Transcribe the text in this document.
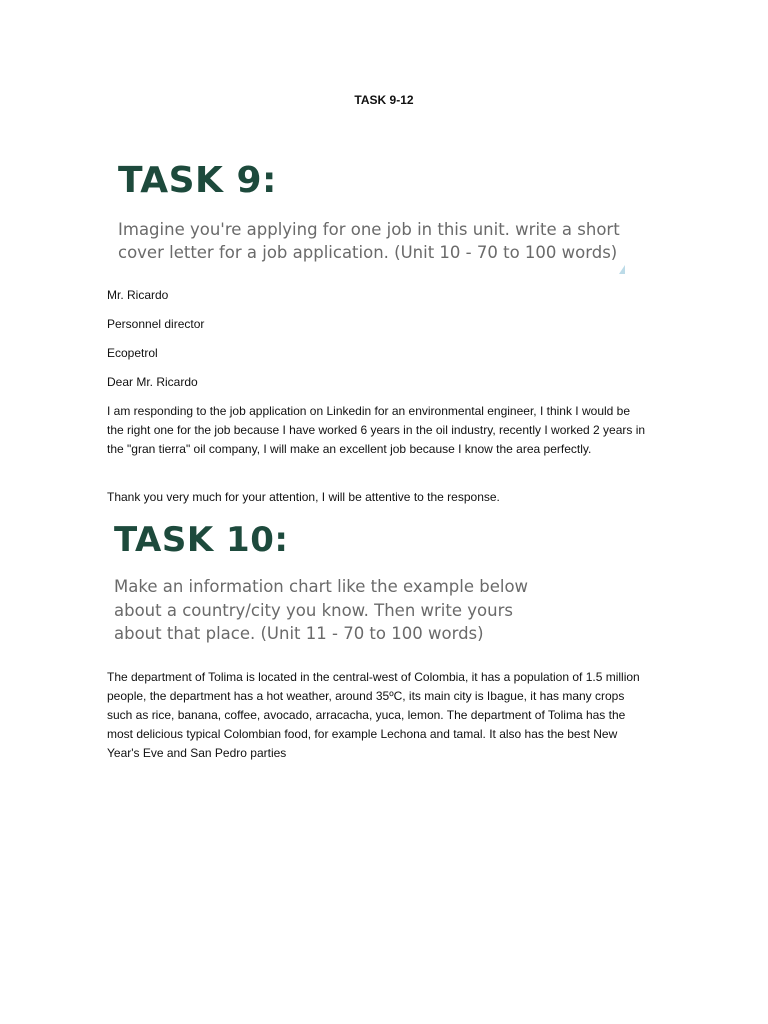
TASK 9-12
TASK 9:
Imagine you're applying for one job in this unit. write a short
cover letter for a job application. (Unit 10 - 70 to 100 words)

Mr. Ricardo

Personnel director

Ecopetrol

Dear Mr. Ricardo

I am responding to the job application on Linkedin for an environmental engineer, I think I would be the right one for the job because I have worked 6 years in the oil industry, recently I worked 2 years in the "gran tierra" oil company, I will make an excellent job because I know the area perfectly.

Thank you very much for your attention, I will be attentive to the response.

TASK 10:
Make an information chart like the example below
about a country/city you know. Then write yours
about that place. (Unit 11 - 70 to 100 words)

The department of Tolima is located in the central-west of Colombia, it has a population of 1.5 million people, the department has a hot weather, around 35ºC, its main city is Ibague, it has many crops such as rice, banana, coffee, avocado, arracacha, yuca, lemon. The department of Tolima has the most delicious typical Colombian food, for example Lechona and tamal. It also has the best New Year's Eve and San Pedro parties
